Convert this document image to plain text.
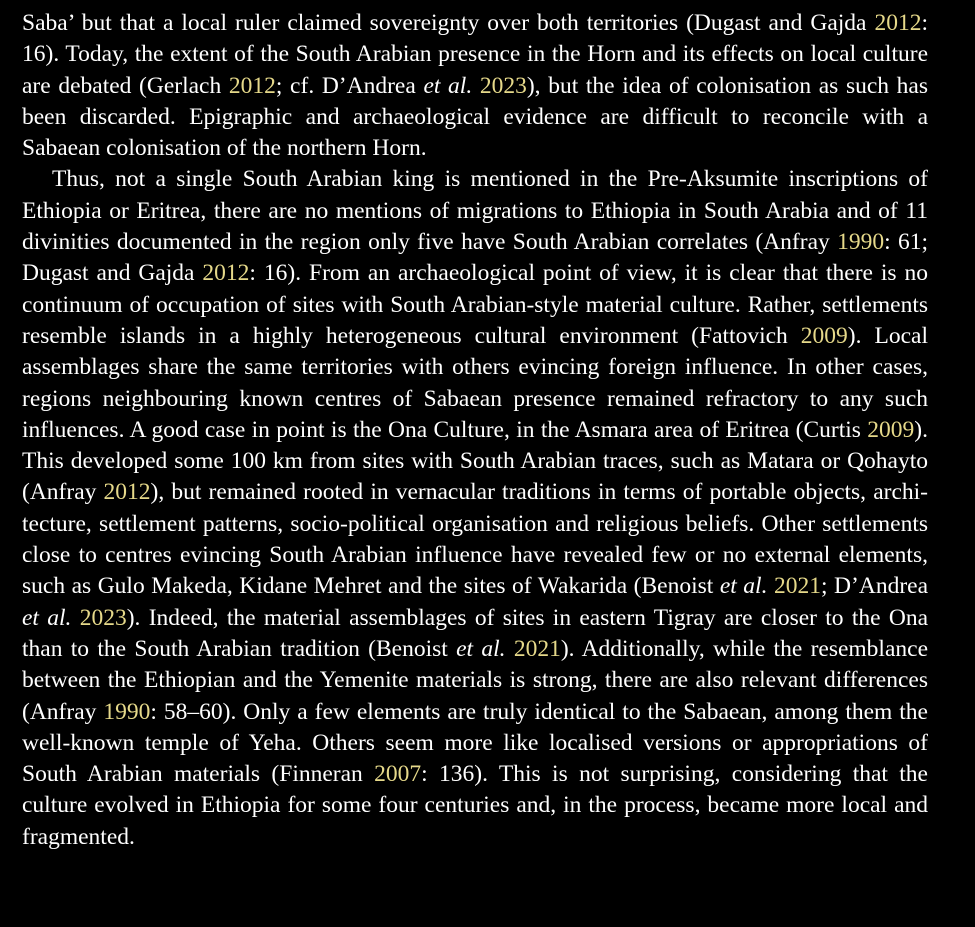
Saba’ but that a local ruler claimed sovereignty over both territories (Dugast and Gajda 2012: 16). Today, the extent of the South Arabian presence in the Horn and its effects on local culture are debated (Gerlach 2012; cf. D’Andrea et al. 2023), but the idea of colonisation as such has been discarded. Epigraphic and archaeological evidence are difficult to reconcile with a Sabaean colonisation of the northern Horn.

Thus, not a single South Arabian king is mentioned in the Pre-Aksumite inscriptions of Ethiopia or Eritrea, there are no mentions of migrations to Ethiopia in South Arabia and of 11 divinities documented in the region only five have South Arabian correlates (Anfray 1990: 61; Dugast and Gajda 2012: 16). From an archaeological point of view, it is clear that there is no continuum of occupation of sites with South Arabian-style material culture. Rather, settlements resemble islands in a highly heterogeneous cultural environment (Fattovich 2009). Local assemblages share the same territories with others evincing foreign influence. In other cases, regions neighbouring known centres of Sabaean presence remained refractory to any such influences. A good case in point is the Ona Culture, in the Asmara area of Eritrea (Curtis 2009). This developed some 100 km from sites with South Arabian traces, such as Matara or Qohayto (Anfray 2012), but remained rooted in vernacular traditions in terms of portable objects, architecture, settlement patterns, socio-political organisation and religious beliefs. Other settlements close to centres evincing South Arabian influence have revealed few or no external elements, such as Gulo Makeda, Kidane Mehret and the sites of Wakarida (Benoist et al. 2021; D’Andrea et al. 2023). Indeed, the material assemblages of sites in eastern Tigray are closer to the Ona than to the South Arabian tradition (Benoist et al. 2021). Additionally, while the resemblance between the Ethiopian and the Yemenite materials is strong, there are also relevant differences (Anfray 1990: 58–60). Only a few elements are truly identical to the Sabaean, among them the well-known temple of Yeha. Others seem more like localised versions or appropriations of South Arabian materials (Finneran 2007: 136). This is not surprising, considering that the culture evolved in Ethiopia for some four centuries and, in the process, became more local and fragmented.
